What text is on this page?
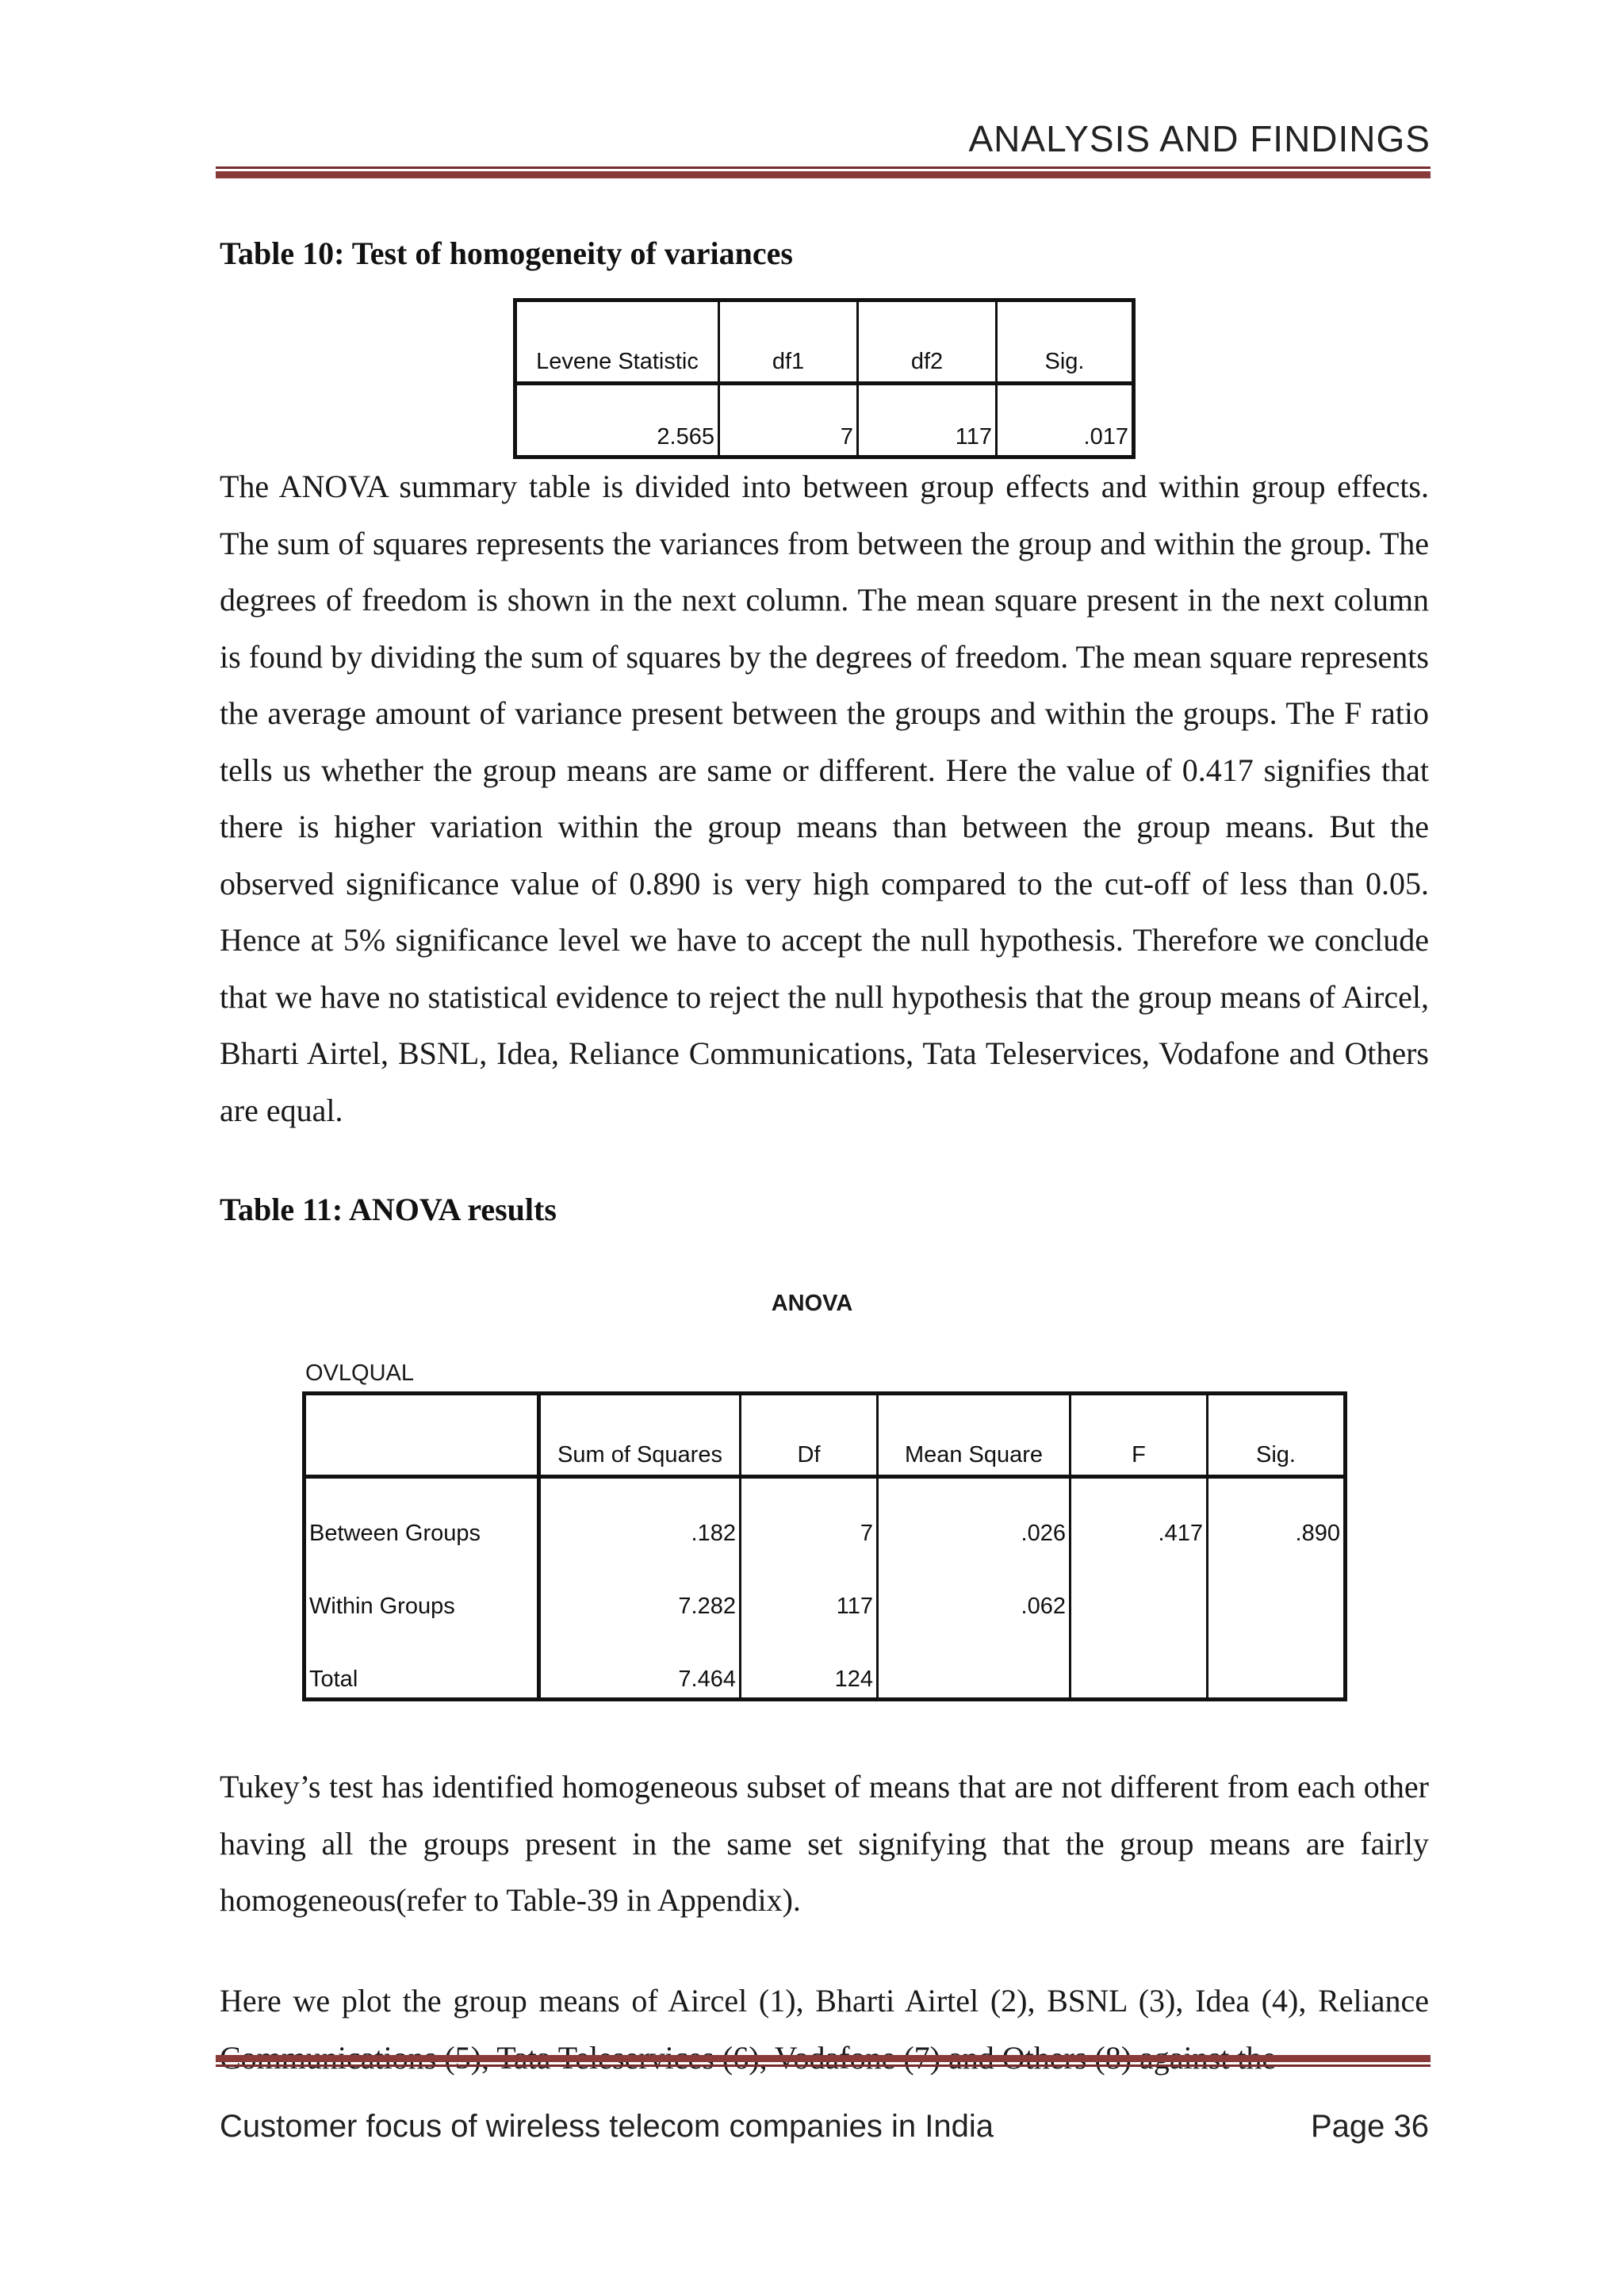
ANALYSIS AND FINDINGS
Table 10: Test of homogeneity of variances
Levene Statistic	df1	df2	Sig.
2.565	7	117	.017
The ANOVA summary table is divided into between group effects and within group effects. The sum of squares represents the variances from between the group and within the group. The degrees of freedom is shown in the next column. The mean square present in the next column is found by dividing the sum of squares by the degrees of freedom. The mean square represents the average amount of variance present between the groups and within the groups. The F ratio tells us whether the group means are same or different. Here the value of 0.417 signifies that there is higher variation within the group means than between the group means. But the observed significance value of 0.890 is very high compared to the cut-off of less than 0.05. Hence at 5% significance level we have to accept the null hypothesis. Therefore we conclude that we have no statistical evidence to reject the null hypothesis that the group means of Aircel, Bharti Airtel, BSNL, Idea, Reliance Communications, Tata Teleservices, Vodafone and Others are equal.
Table 11: ANOVA results
ANOVA
OVLQUAL
	Sum of Squares	Df	Mean Square	F	Sig.
Between Groups	.182	7	.026	.417	.890
Within Groups	7.282	117	.062		
Total	7.464	124			
Tukey’s test has identified homogeneous subset of means that are not different from each other having all the groups present in the same set signifying that the group means are fairly homogeneous(refer to Table-39 in Appendix).
Here we plot the group means of Aircel (1), Bharti Airtel (2), BSNL (3), Idea (4), Reliance
Customer focus of wireless telecom companies in India	Page 36
